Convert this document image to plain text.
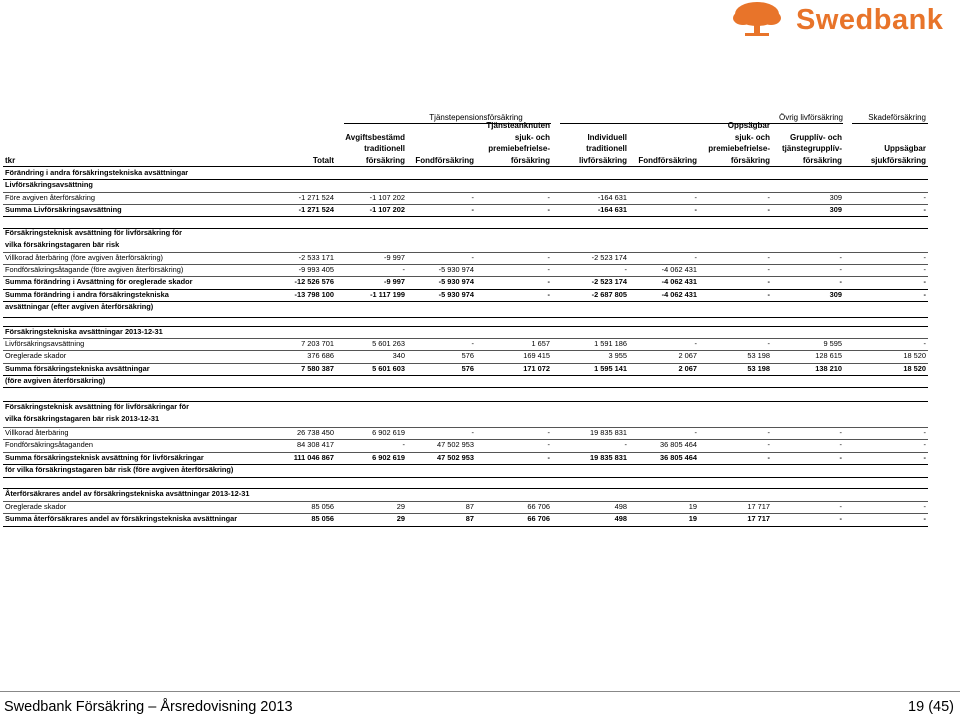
Swedbank
Tjänstepensionsförsäkring	Övrig livförsäkring	Skadeförsäkring
tkr	Totalt
Avgiftsbestämd
traditionell
försäkring	Fondförsäkring
Tjänsteanknuten
sjuk- och
premiebefrielse-
försäkring
Individuell
traditionell
livförsäkring	Fondförsäkring
Oppsägbar
sjuk- och
premiebefrielse-
försäkring
Grupplív- och
tjänstegrupplív-
försäkring
Uppsägbar
sjukförsäkring
Förändring i andra försäkringstekniska avsättningar
Livförsäkringsavsättning
Före avgiven återförsäkring	-1 271 524	-1 107 202	-	-	-164 631	-	-	309	-
Summa Livförsäkringsavsättning	-1 271 524	-1 107 202	-	-	-164 631	-	-	309	-
Försäkringsteknisk avsättning för livförsäkring för
vilka försäkringstagaren bär risk
Villkorad återbäring (före avgiven återförsäkring)	-2 533 171	-9 997	-	-	-2 523 174	-	-	-	-
Fondförsäkringsåtagande (före avgiven återförsäkring)	-9 993 405	-	-5 930 974	-	-	-4 062 431	-	-	-
Summa förändring i Avsättning för oreglerade skador	-12 526 576	-9 997	-5 930 974	-	-2 523 174	-4 062 431	-	-	-
Summa förändring i andra försäkringstekniska	-13 798 100	-1 117 199	-5 930 974	-	-2 687 805	-4 062 431	-	309	-
avsättningar (efter avgiven återförsäkring)
Försäkringstekniska avsättningar 2013-12-31
Livförsäkringsavsättning	7 203 701	5 601 263	-	1 657	1 591 186	-	-	9 595	-
Oreglerade skador	376 686	340	576	169 415	3 955	2 067	53 198	128 615	18 520
Summa försäkringstekniska avsättningar	7 580 387	5 601 603	576	171 072	1 595 141	2 067	53 198	138 210	18 520
(före avgiven återförsäkring)
Försäkringsteknisk avsättning för livförsäkringar för
vilka försäkringstagaren bär risk 2013-12-31
Villkorad återbäring	26 738 450	6 902 619	-	-	19 835 831	-	-	-	-
Fondförsäkringsåtaganden	84 308 417	-	47 502 953	-	-	36 805 464	-	-	-
Summa försäkringsteknisk avsättning för livförsäkringar	111 046 867	6 902 619	47 502 953	-	19 835 831	36 805 464	-	-	-
för vilka försäkringstagaren bär risk (före avgiven återförsäkring)
Återförsäkrares andel av försäkringstekniska avsättningar 2013-12-31
Oreglerade skador	85 056	29	87	66 706	498	19	17 717	-	-
Summa återförsäkrares andel av försäkringstekniska avsättningar	85 056	29	87	66 706	498	19	17 717	-	-
Swedbank Försäkring – Årsredovisning 2013	19 (45)
